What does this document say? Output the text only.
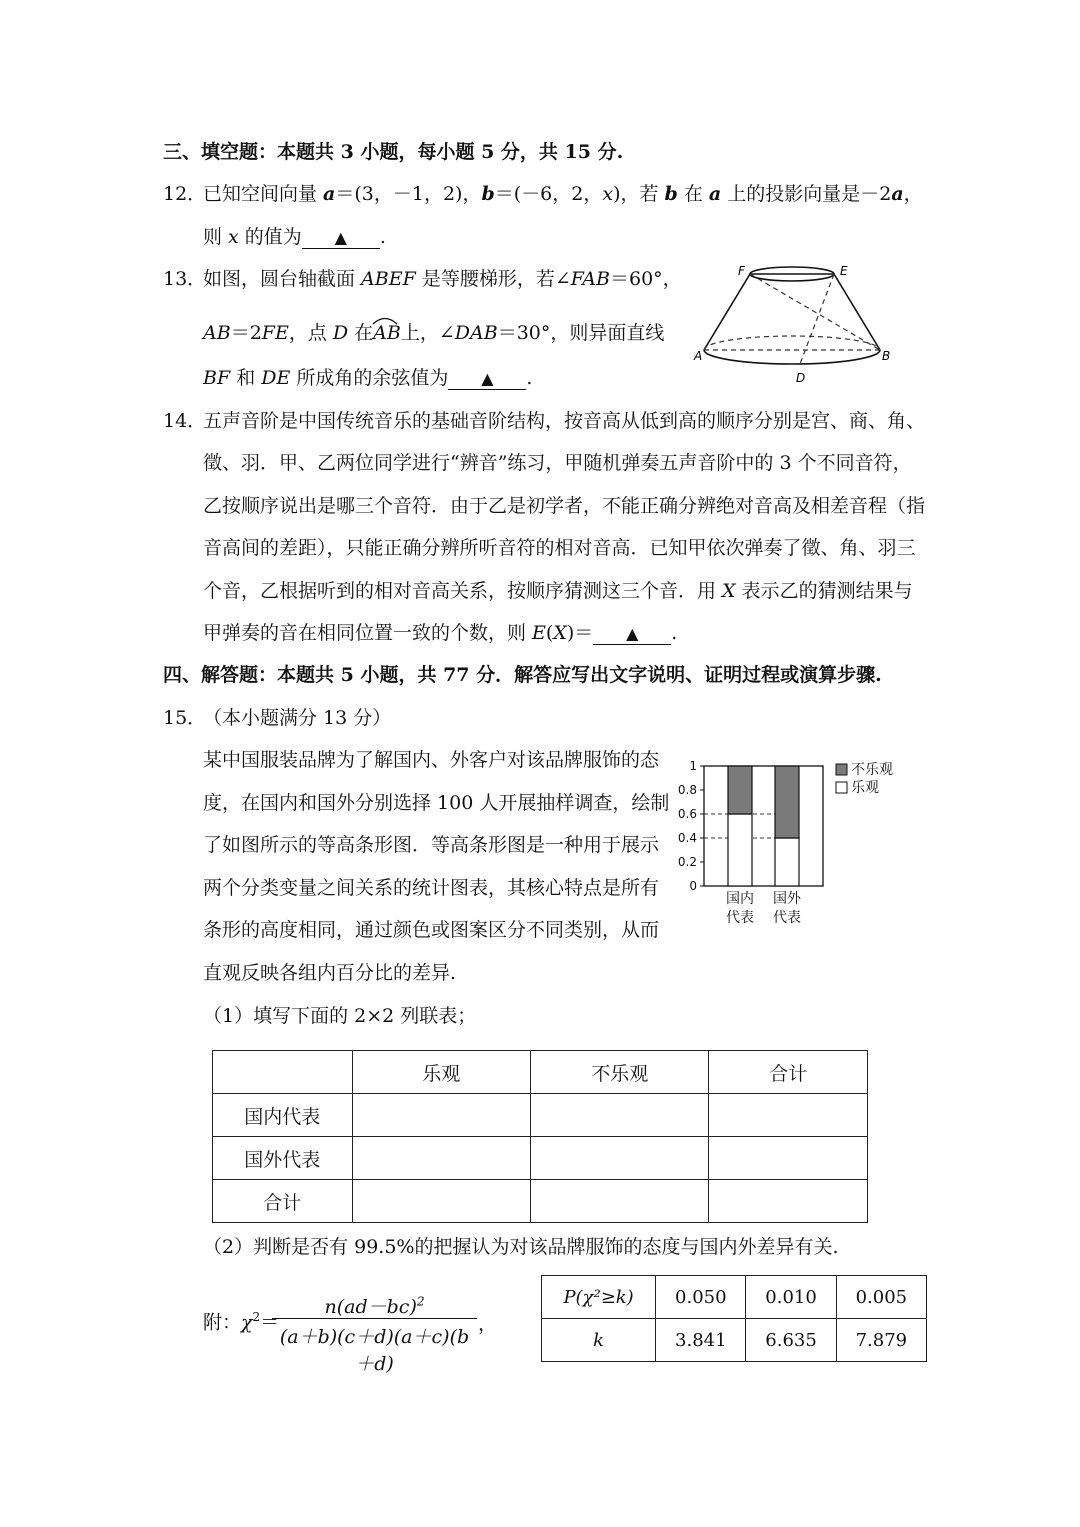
三、填空题：本题共 3 小题，每小题 5 分，共 15 分.
12．
已知空间向量 a＝(3，－1，2)，b＝(－6，2，x)，若 b 在 a 上的投影向量是－2a，
则 x 的值为 ▲ .
13．
如图，圆台轴截面 ABEF 是等腰梯形，若∠FAB＝60°，
AB＝2FE，点 D 在
AB上，∠DAB＝30°，则异面直线
BF 和 DE 所成角的余弦值为 ▲ .
F	E
A	B
D
14．
五声音阶是中国传统音乐的基础音阶结构，按音高从低到高的顺序分别是宫、商、角、
徵、羽．甲、乙两位同学进行“辨音”练习，甲随机弹奏五声音阶中的 3 个不同音符，
乙按顺序说出是哪三个音符．由于乙是初学者，不能正确分辨绝对音高及相差音程（指
音高间的差距），只能正确分辨所听音符的相对音高．已知甲依次弹奏了徵、角、羽三
个音，乙根据听到的相对音高关系，按顺序猜测这三个音．用 X 表示乙的猜测结果与
甲弹奏的音在相同位置一致的个数，则 E(X)＝ ▲ .
四、解答题：本题共 5 小题，共 77 分．解答应写出文字说明、证明过程或演算步骤.
15．
（本小题满分 13 分）
某中国服装品牌为了解国内、外客户对该品牌服饰的态
度，在国内和国外分别选择 100 人开展抽样调查，绘制
了如图所示的等高条形图．等高条形图是一种用于展示
两个分类变量之间关系的统计图表，其核心特点是所有
条形的高度相同，通过颜色或图案区分不同类别，从而
直观反映各组内百分比的差异.
（1）填写下面的 2×2 列联表；
0
0.2
0.4
0.6
0.8
1
国内
代表
国外
代表
不乐观
乐观
	乐观	不乐观	合计
国内代表			
国外代表			
合计			
（2）判断是否有 99.5%的把握认为对该品牌服饰的态度与国内外差异有关.
附：$\chi^2=$
$n(ad-bc)^2$
(a＋b)(c＋d)(a＋c)(b＋d)
，
P(χ²≥k)	0.050	0.010	0.005
k	3.841	6.635	7.879
